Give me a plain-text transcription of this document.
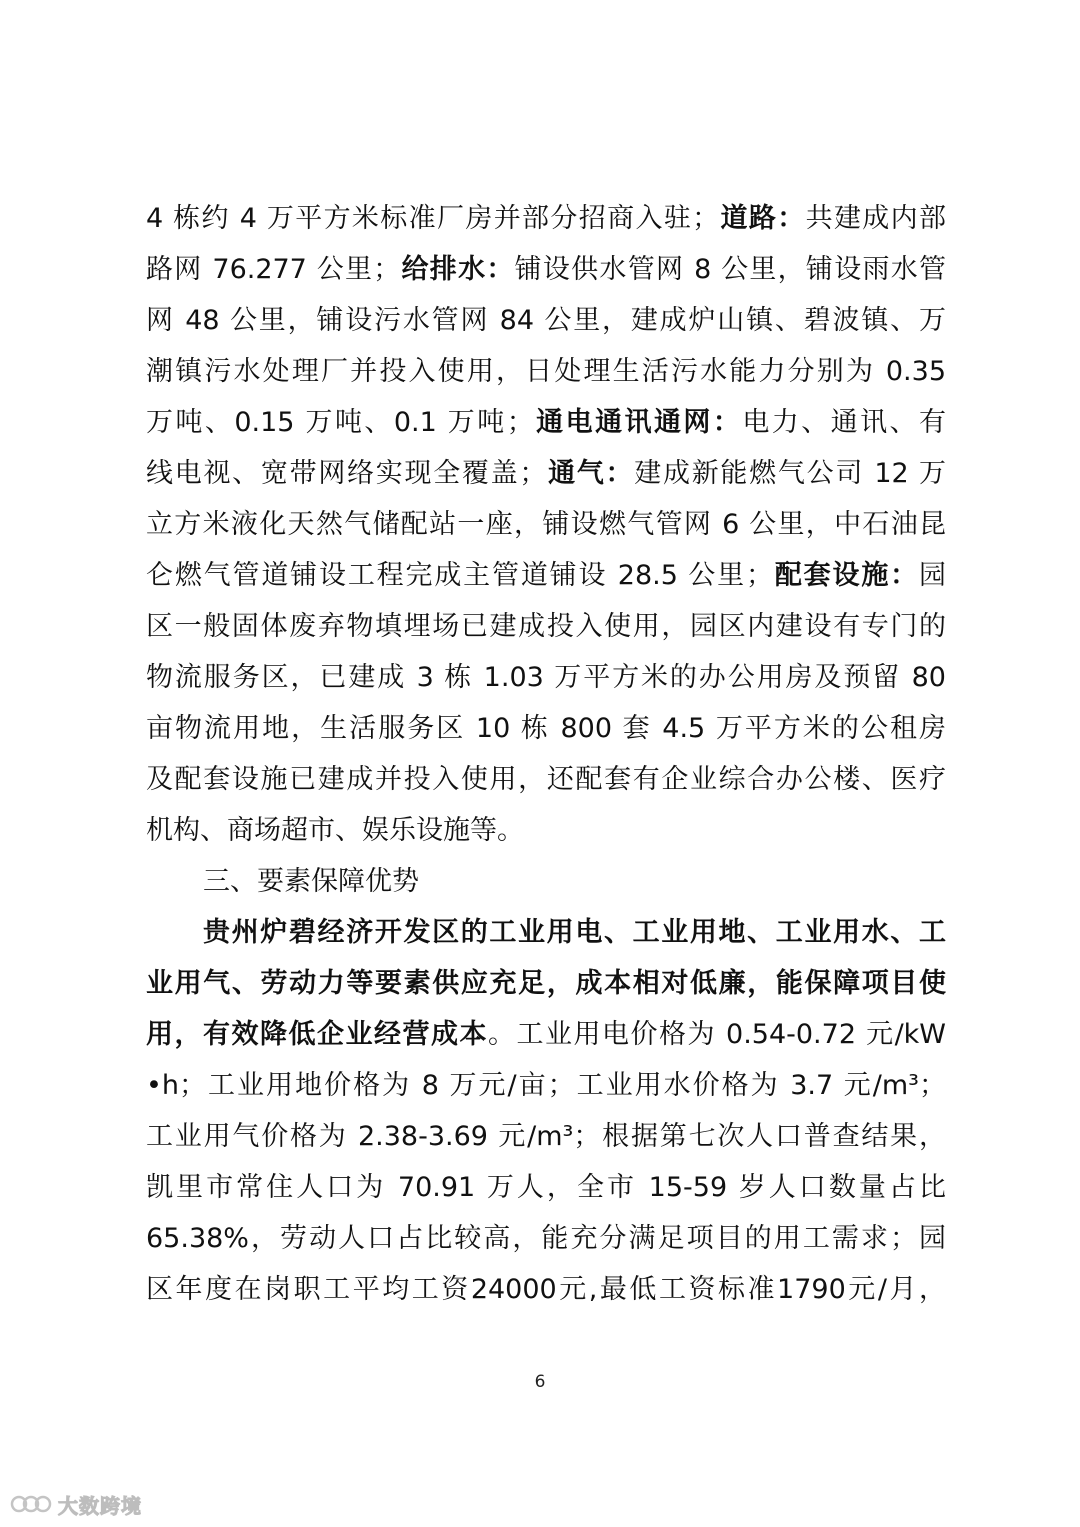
4 栋约 4 万平方米标准厂房并部分招商入驻；道路：共建成内部
路网 76.277 公里；给排水：铺设供水管网 8 公里，铺设雨水管
网 48 公里，铺设污水管网 84 公里，建成炉山镇、碧波镇、万
潮镇污水处理厂并投入使用，日处理生活污水能力分别为 0.35
万吨、0.15 万吨、0.1 万吨；通电通讯通网：电力、通讯、有
线电视、宽带网络实现全覆盖；通气：建成新能燃气公司 12 万
立方米液化天然气储配站一座，铺设燃气管网 6 公里，中石油昆
仑燃气管道铺设工程完成主管道铺设 28.5 公里；配套设施：园
区一般固体废弃物填埋场已建成投入使用，园区内建设有专门的
物流服务区，已建成 3 栋 1.03 万平方米的办公用房及预留 80
亩物流用地，生活服务区 10 栋 800 套 4.5 万平方米的公租房
及配套设施已建成并投入使用，还配套有企业综合办公楼、医疗
机构、商场超市、娱乐设施等。
三、要素保障优势
贵州炉碧经济开发区的工业用电、工业用地、工业用水、工
业用气、劳动力等要素供应充足，成本相对低廉，能保障项目使
用，有效降低企业经营成本。工业用电价格为 0.54-0.72 元/kW
•h；工业用地价格为 8 万元/亩；工业用水价格为 3.7 元/m³；
工业用气价格为 2.38-3.69 元/m³；根据第七次人口普查结果，
凯里市常住人口为 70.91 万人，全市 15-59 岁人口数量占比
65.38%，劳动人口占比较高，能充分满足项目的用工需求；园
区年度在岗职工平均工资24000元,最低工资标准1790元/月，
6
大数跨境
